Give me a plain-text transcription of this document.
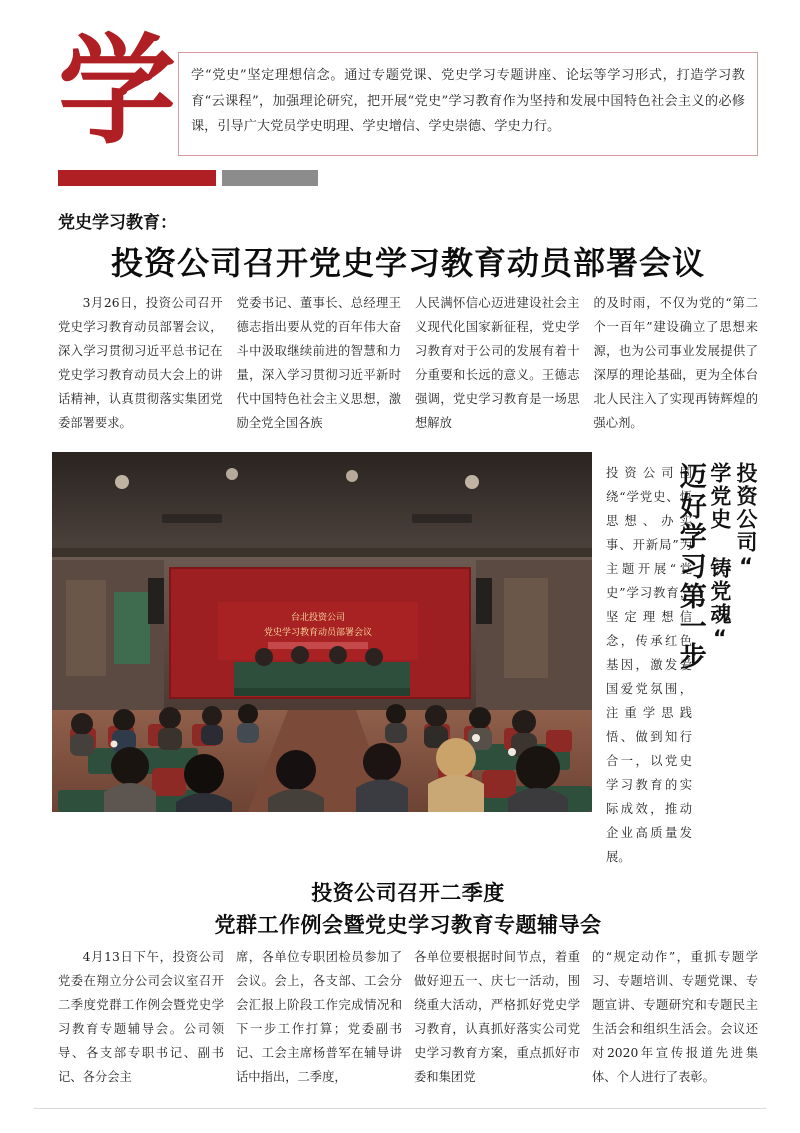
学 学“党史”坚定理想信念。通过专题党课、党史学习专题讲座、论坛等学习形式，打造学习教育“云课程”，加强理论研究，把开展“党史”学习教育作为坚持和发展中国特色社会主义的必修课，引导广大党员学史明理、学史增信、学史崇德、学史力行。
党史学习教育：
投资公司召开党史学习教育动员部署会议

3月26日，投资公司召开党史学习教育动员部署会议，深入学习贯彻习近平总书记在党史学习教育动员大会上的讲话精神，认真贯彻落实集团党委部署要求。

党委书记、董事长、总经理王德志指出要从党的百年伟大奋斗中汲取继续前进的智慧和力量，深入学习贯彻习近平新时代中国特色社会主义思想，激励全党全国各族

人民满怀信心迈进建设社会主义现代化国家新征程，党史学习教育对于公司的发展有着十分重要和长远的意义。王德志强调，党史学习教育是一场思想解放

的及时雨，不仅为党的“第二个一百年”建设确立了思想来源，也为公司事业发展提供了深厚的理论基础，更为全体台北人民注入了实现再铸辉煌的强心剂。

台北投资公司
党史学习教育动员部署会议
投资公司围绕“学党史、悟思想、办实事、开新局”为主题开展“党史”学习教育，坚定理想信念，传承红色基因，激发爱国爱党氛围，注重学思践悟、做到知行合一，以党史学习教育的实际成效，推动企业高质量发展。
投资公司“
学党史 铸党魂“
迈好学习第一步
投资公司召开二季度
党群工作例会暨党史学习教育专题辅导会

4月13日下午，投资公司党委在翔立分公司会议室召开二季度党群工作例会暨党史学习教育专题辅导会。公司领导、各支部专职书记、副书记、各分会主

席，各单位专职团检员参加了会议。会上，各支部、工会分会汇报上阶段工作完成情况和下一步工作打算；党委副书记、工会主席杨普军在辅导讲话中指出，二季度，

各单位要根据时间节点，着重做好迎五一、庆七一活动，围绕重大活动，严格抓好党史学习教育，认真抓好落实公司党史学习教育方案，重点抓好市委和集团党

的“规定动作”，重抓专题学习、专题培训、专题党课、专题宣讲、专题研究和专题民主生活会和组织生活会。会议还对2020年宣传报道先进集体、个人进行了表彰。
